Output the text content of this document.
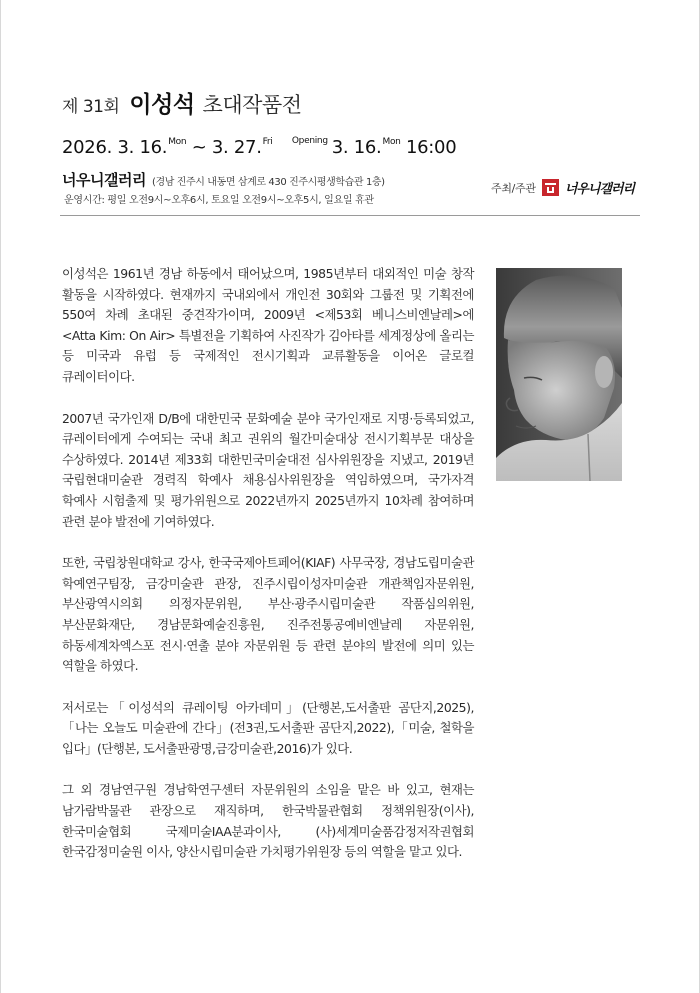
제 31회 이성석 초대작품전
2026. 3. 16.$^{Mon}$ ~ 3. 27.$^{Fri}$ $^{Opening}$ 3. 16.$^{Mon}$ 16:00
너우니갤러리 (경남 진주시 내동면 삼계로 430 진주시평생학습관 1층)
운영시간: 평일 오전9시~오후6시, 토요일 오전9시~오후5시, 일요일 휴관
주최/주관 너우니갤러리

이성석은 1961년 경남 하동에서 태어났으며, 1985년부터 대외적인 미술 창작 활동을 시작하였다. 현재까지 국내외에서 개인전 30회와 그룹전 및 기획전에 550여 차례 초대된 중견작가이며, 2009년 <제53회 베니스비엔날레>에 <Atta Kim: On Air> 특별전을 기획하여 사진작가 김아타를 세계정상에 올리는 등 미국과 유럽 등 국제적인 전시기획과 교류활동을 이어온 글로컬 큐레이터이다.

2007년 국가인재 D/B에 대한민국 문화예술 분야 국가인재로 지명·등록되었고, 큐레이터에게 수여되는 국내 최고 권위의 월간미술대상 전시기획부문 대상을 수상하였다. 2014년 제33회 대한민국미술대전 심사위원장을 지냈고, 2019년 국립현대미술관 경력직 학예사 채용심사위원장을 역임하였으며, 국가자격 학예사 시험출제 및 평가위원으로 2022년까지 2025년까지 10차례 참여하며 관련 분야 발전에 기여하였다.

또한, 국립창원대학교 강사, 한국국제아트페어(KIAF) 사무국장, 경남도립미술관 학예연구팀장, 금강미술관 관장, 진주시립이성자미술관 개관책임자문위원, 부산광역시의회 의정자문위원, 부산·광주시립미술관 작품심의위원, 부산문화재단, 경남문화예술진흥원, 진주전통공예비엔날레 자문위원, 하동세계차엑스포 전시·연출 분야 자문위원 등 관련 분야의 발전에 의미 있는 역할을 하였다.

저서로는「이성석의 큐레이팅 아카데미」(단행본,도서출판 곰단지,2025),「나는 오늘도 미술관에 간다」(전3권,도서출판 곰단지,2022),「미술, 철학을 입다」(단행본, 도서출판광명,금강미술관,2016)가 있다.

그 외 경남연구원 경남학연구센터 자문위원의 소임을 맡은 바 있고, 현재는 남가람박물관 관장으로 재직하며, 한국박물관협회 정책위원장(이사), 한국미술협회 국제미술IAA분과이사, (사)세계미술품감정저작권협회 한국감정미술원 이사, 양산시립미술관 가치평가위원장 등의 역할을 맡고 있다.
